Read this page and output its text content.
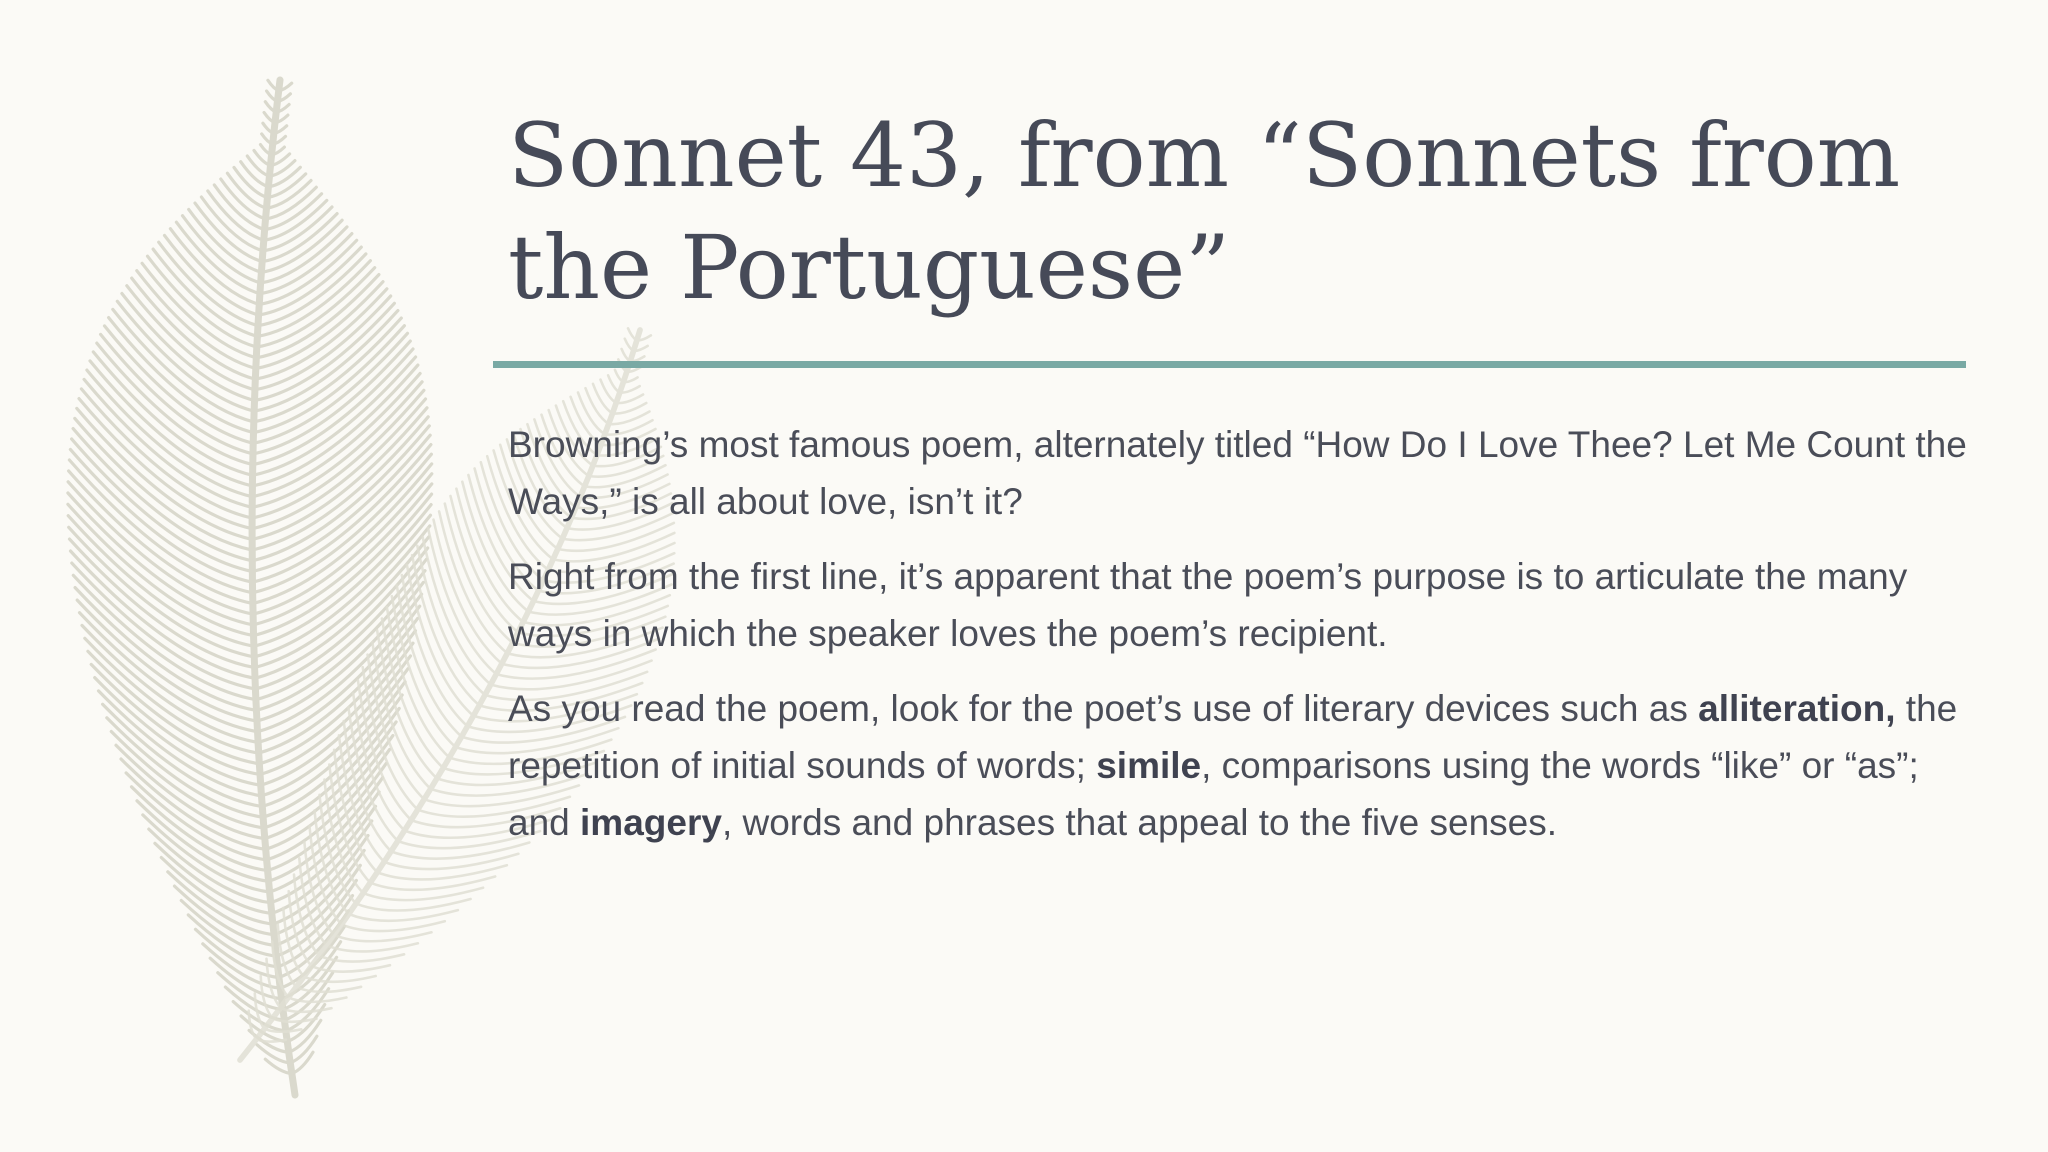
Sonnet 43, from “Sonnets from the Portuguese”

Browning’s most famous poem, alternately titled “How Do I Love Thee? Let Me Count the Ways,” is all about love, isn’t it?

Right from the first line, it’s apparent that the poem’s purpose is to articulate the many ways in which the speaker loves the poem’s recipient.

As you read the poem, look for the poet’s use of literary devices such as alliteration, the repetition of initial sounds of words; simile, comparisons using the words “like” or “as”; and imagery, words and phrases that appeal to the five senses.
